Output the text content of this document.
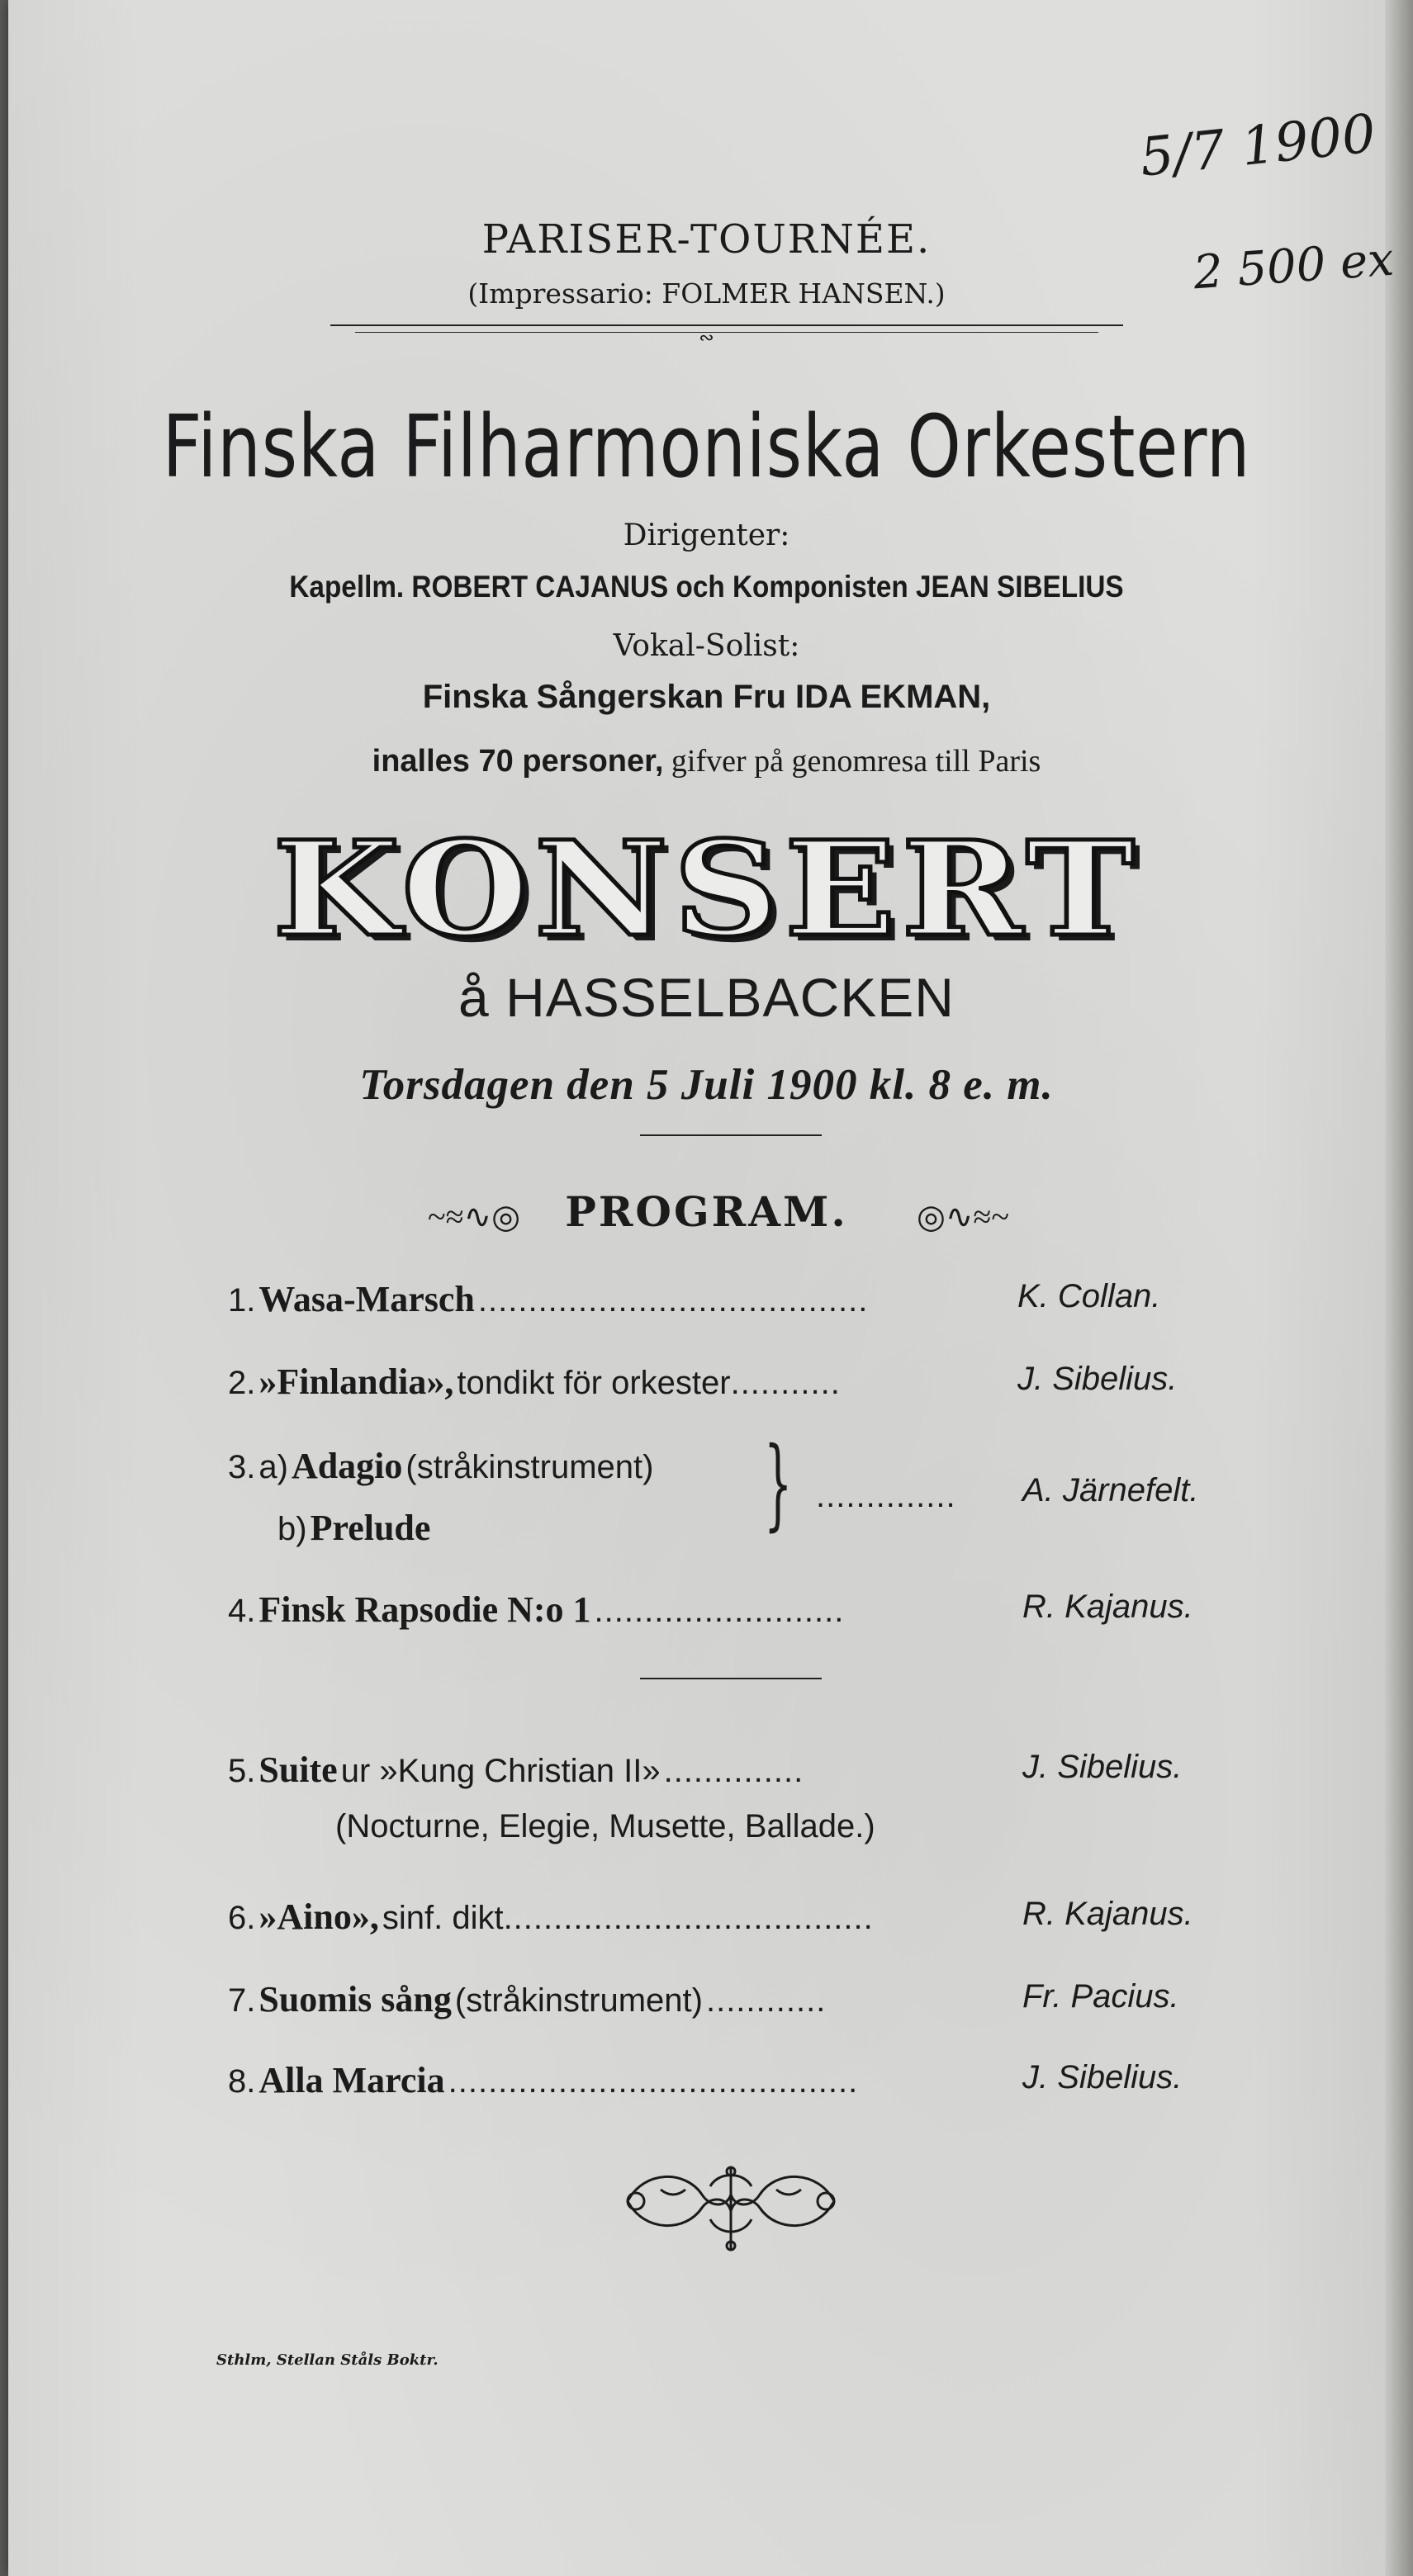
5/7 1900
2 500 ex
PARISER-TOURNÉE.
(Impressario: FOLMER HANSEN.)
∾
Finska Filharmoniska Orkestern
Dirigenter:
Kapellm. ROBERT CAJANUS och Komponisten JEAN SIBELIUS
Vokal-Solist:
Finska Sångerskan Fru IDA EKMAN,
inalles 70 personer, gifver på genomresa till Paris
KONSERT
å HASSELBACKEN
Torsdagen den 5 Juli 1900 kl. 8 e. m.
~≈∿◎	PROGRAM.	◎∿≈~
1. Wasa-Marsch .......................................	K. Collan.
2. »Finlandia», tondikt för orkester...........	J. Sibelius.
3. a) Adagio (stråkinstrument)
b) Prelude	} .............. A. Järnefelt.
4. Finsk Rapsodie N:o 1 .........................	R. Kajanus.
5. Suite ur »Kung Christian II» ..............	J. Sibelius.
(Nocturne, Elegie, Musette, Ballade.)
6. »Aino», sinf. dikt.....................................	R. Kajanus.
7. Suomis sång (stråkinstrument) ............	Fr. Pacius.
8. Alla Marcia .........................................	J. Sibelius.
Sthlm, Stellan Ståls Boktr.
